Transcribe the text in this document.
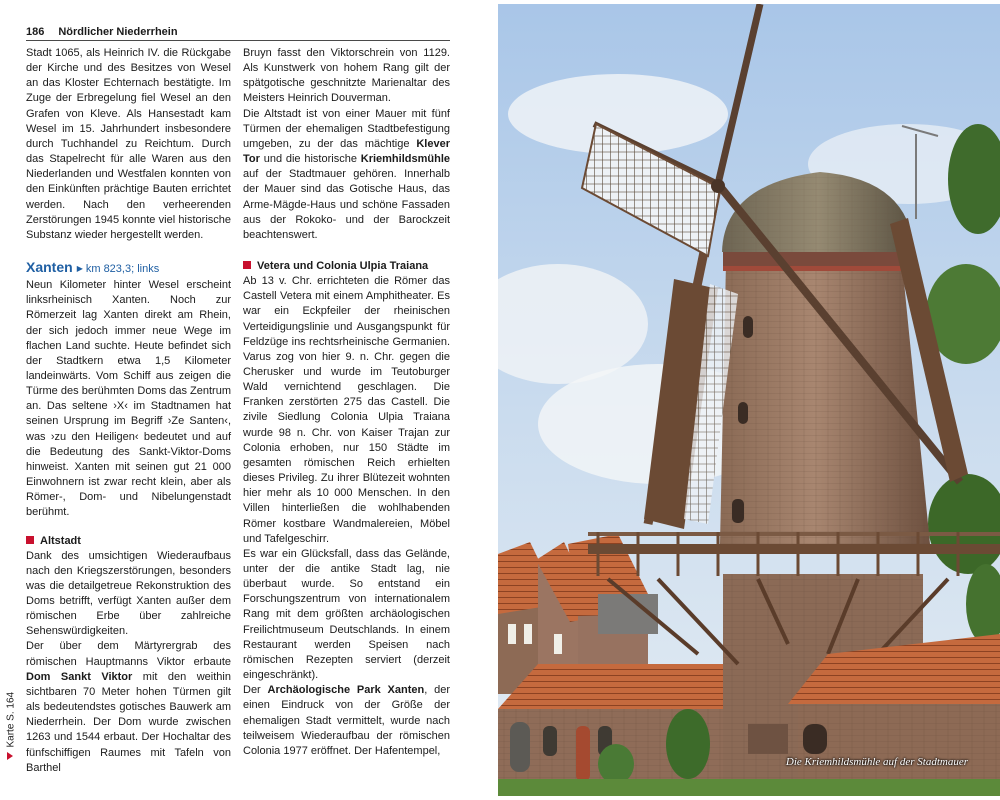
186 Nördlicher Niederrhein

Stadt 1065, als Heinrich IV. die Rückgabe der Kirche und des Besitzes von Wesel an das Kloster Echternach bestätigte. Im Zuge der Erbregelung fiel Wesel an den Grafen von Kleve. Als Hansestadt kam Wesel im 15. Jahrhundert insbesondere durch Tuchhandel zu Reichtum. Durch das Stapelrecht für alle Waren aus den Niederlanden und Westfalen konnten von den Einkünften prächtige Bauten errichtet werden. Nach den verheerenden Zerstörungen 1945 konnte viel historische Substanz wieder hergestellt werden.

Xanten ▶ km 823,3; links

Neun Kilometer hinter Wesel erscheint linksrheinisch Xanten. Noch zur Römerzeit lag Xanten direkt am Rhein, der sich jedoch immer neue Wege im flachen Land suchte. Heute befindet sich der Stadtkern etwa 1,5 Kilometer landeinwärts. Vom Schiff aus zeigen die Türme des berühmten Doms das Zentrum an. Das seltene ›X‹ im Stadtnamen hat seinen Ursprung im Begriff ›Ze Santen‹, was ›zu den Heiligen‹ bedeutet und auf die Bedeutung des Sankt-Viktor-Doms hinweist. Xanten mit seinen gut 21 000 Einwohnern ist zwar recht klein, aber als Römer-, Dom- und Nibelungenstadt berühmt.

Altstadt

Dank des umsichtigen Wiederaufbaus nach den Kriegszerstörungen, besonders was die detailgetreue Rekonstruktion des Doms betrifft, verfügt Xanten außer dem römischen Erbe über zahlreiche Sehenswürdigkeiten.

Der über dem Märtyrergrab des römischen Hauptmanns Viktor erbaute Dom Sankt Viktor mit den weithin sichtbaren 70 Meter hohen Türmen gilt als bedeutendstes gotisches Bauwerk am Niederrhein. Der Dom wurde zwischen 1263 und 1544 erbaut. Der Hochaltar des fünfschiffigen Raumes mit Tafeln von Barthel

Bruyn fasst den Viktorschrein von 1129. Als Kunstwerk von hohem Rang gilt der spätgotische geschnitzte Marienaltar des Meisters Heinrich Douverman.

Die Altstadt ist von einer Mauer mit fünf Türmen der ehemaligen Stadtbefestigung umgeben, zu der das mächtige Klever Tor und die historische Kriemhildsmühle auf der Stadtmauer gehören. Innerhalb der Mauer sind das Gotische Haus, das Arme-Mägde-Haus und schöne Fassaden aus der Rokoko- und der Barockzeit beachtenswert.

Vetera und Colonia Ulpia Traiana

Ab 13 v. Chr. errichteten die Römer das Castell Vetera mit einem Amphitheater. Es war ein Eckpfeiler der rheinischen Verteidigungslinie und Ausgangspunkt für Feldzüge ins rechtsrheinische Germanien. Varus zog von hier 9. n. Chr. gegen die Cherusker und wurde im Teutoburger Wald vernichtend geschlagen. Die Franken zerstörten 275 das Castell. Die zivile Siedlung Colonia Ulpia Traiana wurde 98 n. Chr. von Kaiser Trajan zur Colonia erhoben, nur 150 Städte im gesamten römischen Reich erhielten dieses Privileg. Zu ihrer Blütezeit wohnten hier mehr als 10 000 Menschen. In den Villen hinterließen die wohlhabenden Römer kostbare Wandmalereien, Möbel und Tafelgeschirr.

Es war ein Glücksfall, dass das Gelände, unter der die antike Stadt lag, nie überbaut wurde. So entstand ein Forschungszentrum von internationalem Rang mit dem größten archäologischen Freilichtmuseum Deutschlands. In einem Restaurant werden Speisen nach römischen Rezepten serviert (derzeit eingeschränkt).

Der Archäologische Park Xanten, der einen Eindruck von der Größe der ehemaligen Stadt vermittelt, wurde nach teilweisem Wiederaufbau der römischen Colonia 1977 eröffnet. Der Hafentempel,

Karte S. 164
Die Kriemhildsmühle auf der Stadtmauer
